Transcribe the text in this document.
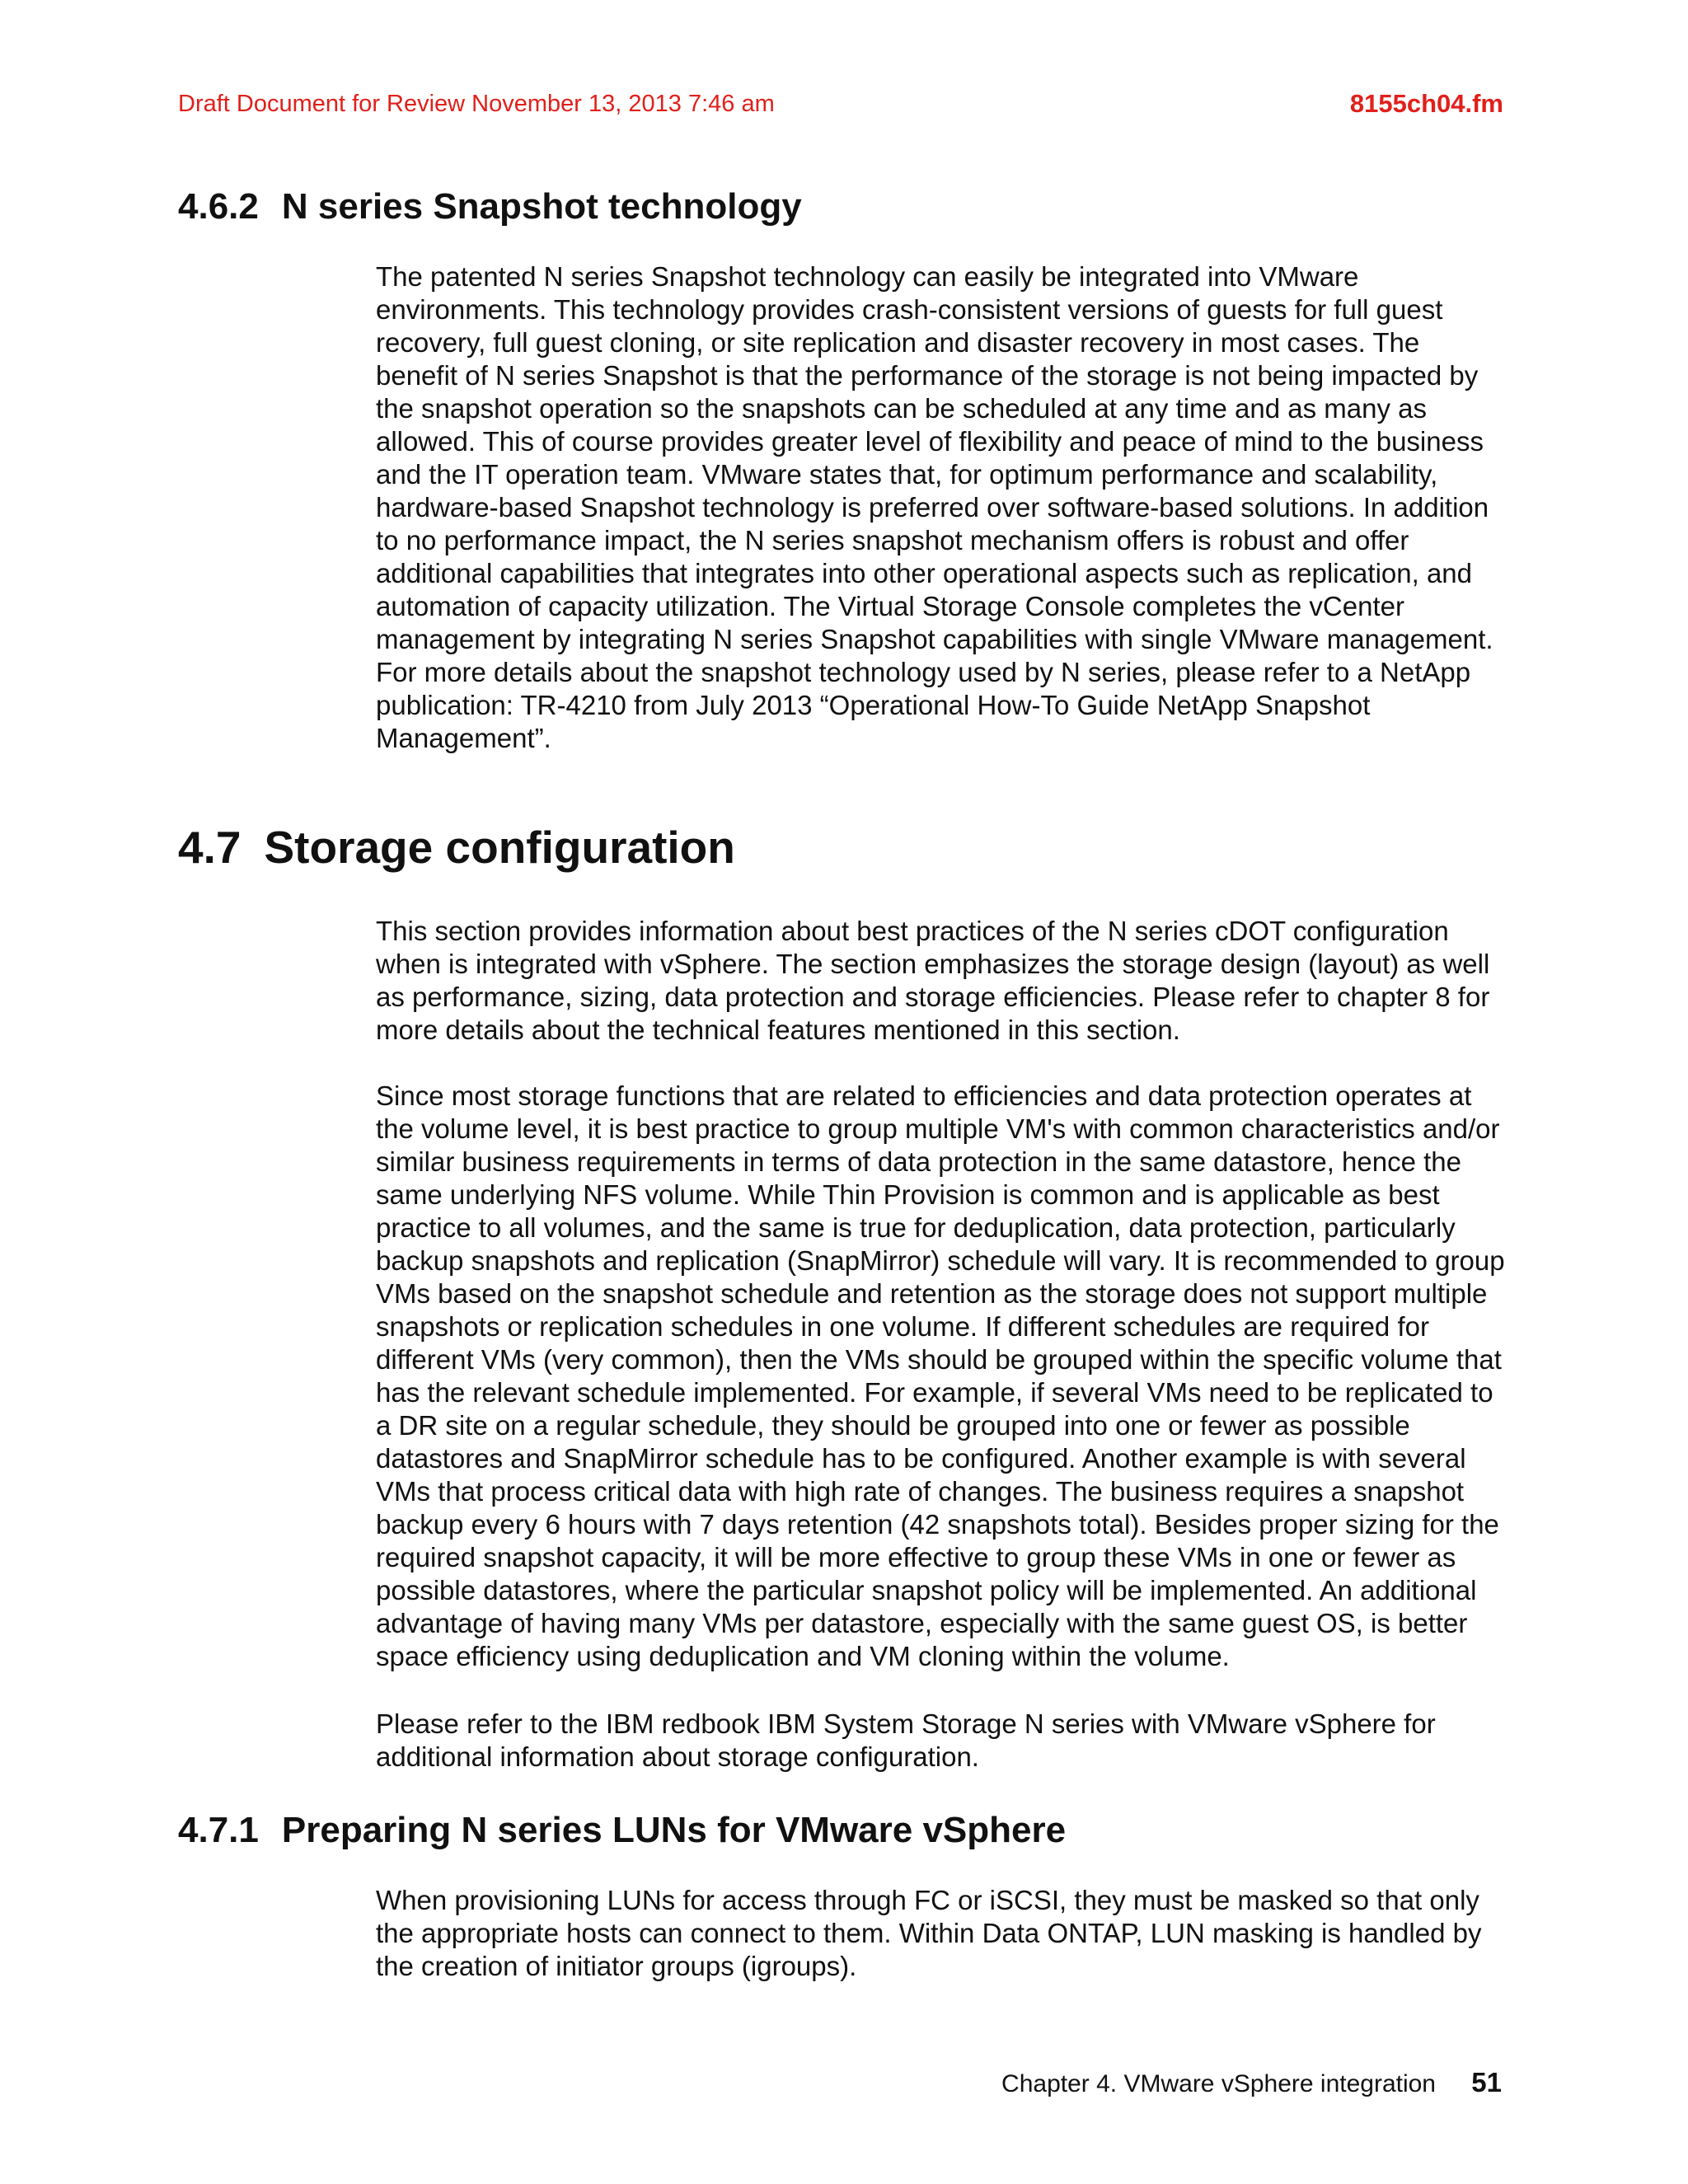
Draft Document for Review November 13, 2013 7:46 am	8155ch04.fm
4.6.2 N series Snapshot technology

The patented N series Snapshot technology can easily be integrated into VMware environments. This technology provides crash-consistent versions of guests for full guest recovery, full guest cloning, or site replication and disaster recovery in most cases. The benefit of N series Snapshot is that the performance of the storage is not being impacted by the snapshot operation so the snapshots can be scheduled at any time and as many as allowed. This of course provides greater level of flexibility and peace of mind to the business and the IT operation team. VMware states that, for optimum performance and scalability, hardware-based Snapshot technology is preferred over software-based solutions. In addition to no performance impact, the N series snapshot mechanism offers is robust and offer additional capabilities that integrates into other operational aspects such as replication, and automation of capacity utilization. The Virtual Storage Console completes the vCenter management by integrating N series Snapshot capabilities with single VMware management. For more details about the snapshot technology used by N series, please refer to a NetApp publication: TR-4210 from July 2013 “Operational How-To Guide NetApp Snapshot Management”.

4.7 Storage configuration

This section provides information about best practices of the N series cDOT configuration when is integrated with vSphere. The section emphasizes the storage design (layout) as well as performance, sizing, data protection and storage efficiencies. Please refer to chapter 8 for more details about the technical features mentioned in this section.

Since most storage functions that are related to efficiencies and data protection operates at the volume level, it is best practice to group multiple VM's with common characteristics and/or similar business requirements in terms of data protection in the same datastore, hence the same underlying NFS volume. While Thin Provision is common and is applicable as best practice to all volumes, and the same is true for deduplication, data protection, particularly backup snapshots and replication (SnapMirror) schedule will vary. It is recommended to group VMs based on the snapshot schedule and retention as the storage does not support multiple snapshots or replication schedules in one volume. If different schedules are required for different VMs (very common), then the VMs should be grouped within the specific volume that has the relevant schedule implemented. For example, if several VMs need to be replicated to a DR site on a regular schedule, they should be grouped into one or fewer as possible datastores and SnapMirror schedule has to be configured. Another example is with several VMs that process critical data with high rate of changes. The business requires a snapshot backup every 6 hours with 7 days retention (42 snapshots total). Besides proper sizing for the required snapshot capacity, it will be more effective to group these VMs in one or fewer as possible datastores, where the particular snapshot policy will be implemented. An additional advantage of having many VMs per datastore, especially with the same guest OS, is better space efficiency using deduplication and VM cloning within the volume.

Please refer to the IBM redbook IBM System Storage N series with VMware vSphere for additional information about storage configuration.

4.7.1 Preparing N series LUNs for VMware vSphere

When provisioning LUNs for access through FC or iSCSI, they must be masked so that only the appropriate hosts can connect to them. Within Data ONTAP, LUN masking is handled by the creation of initiator groups (igroups).

Chapter 4. VMware vSphere integration 51
